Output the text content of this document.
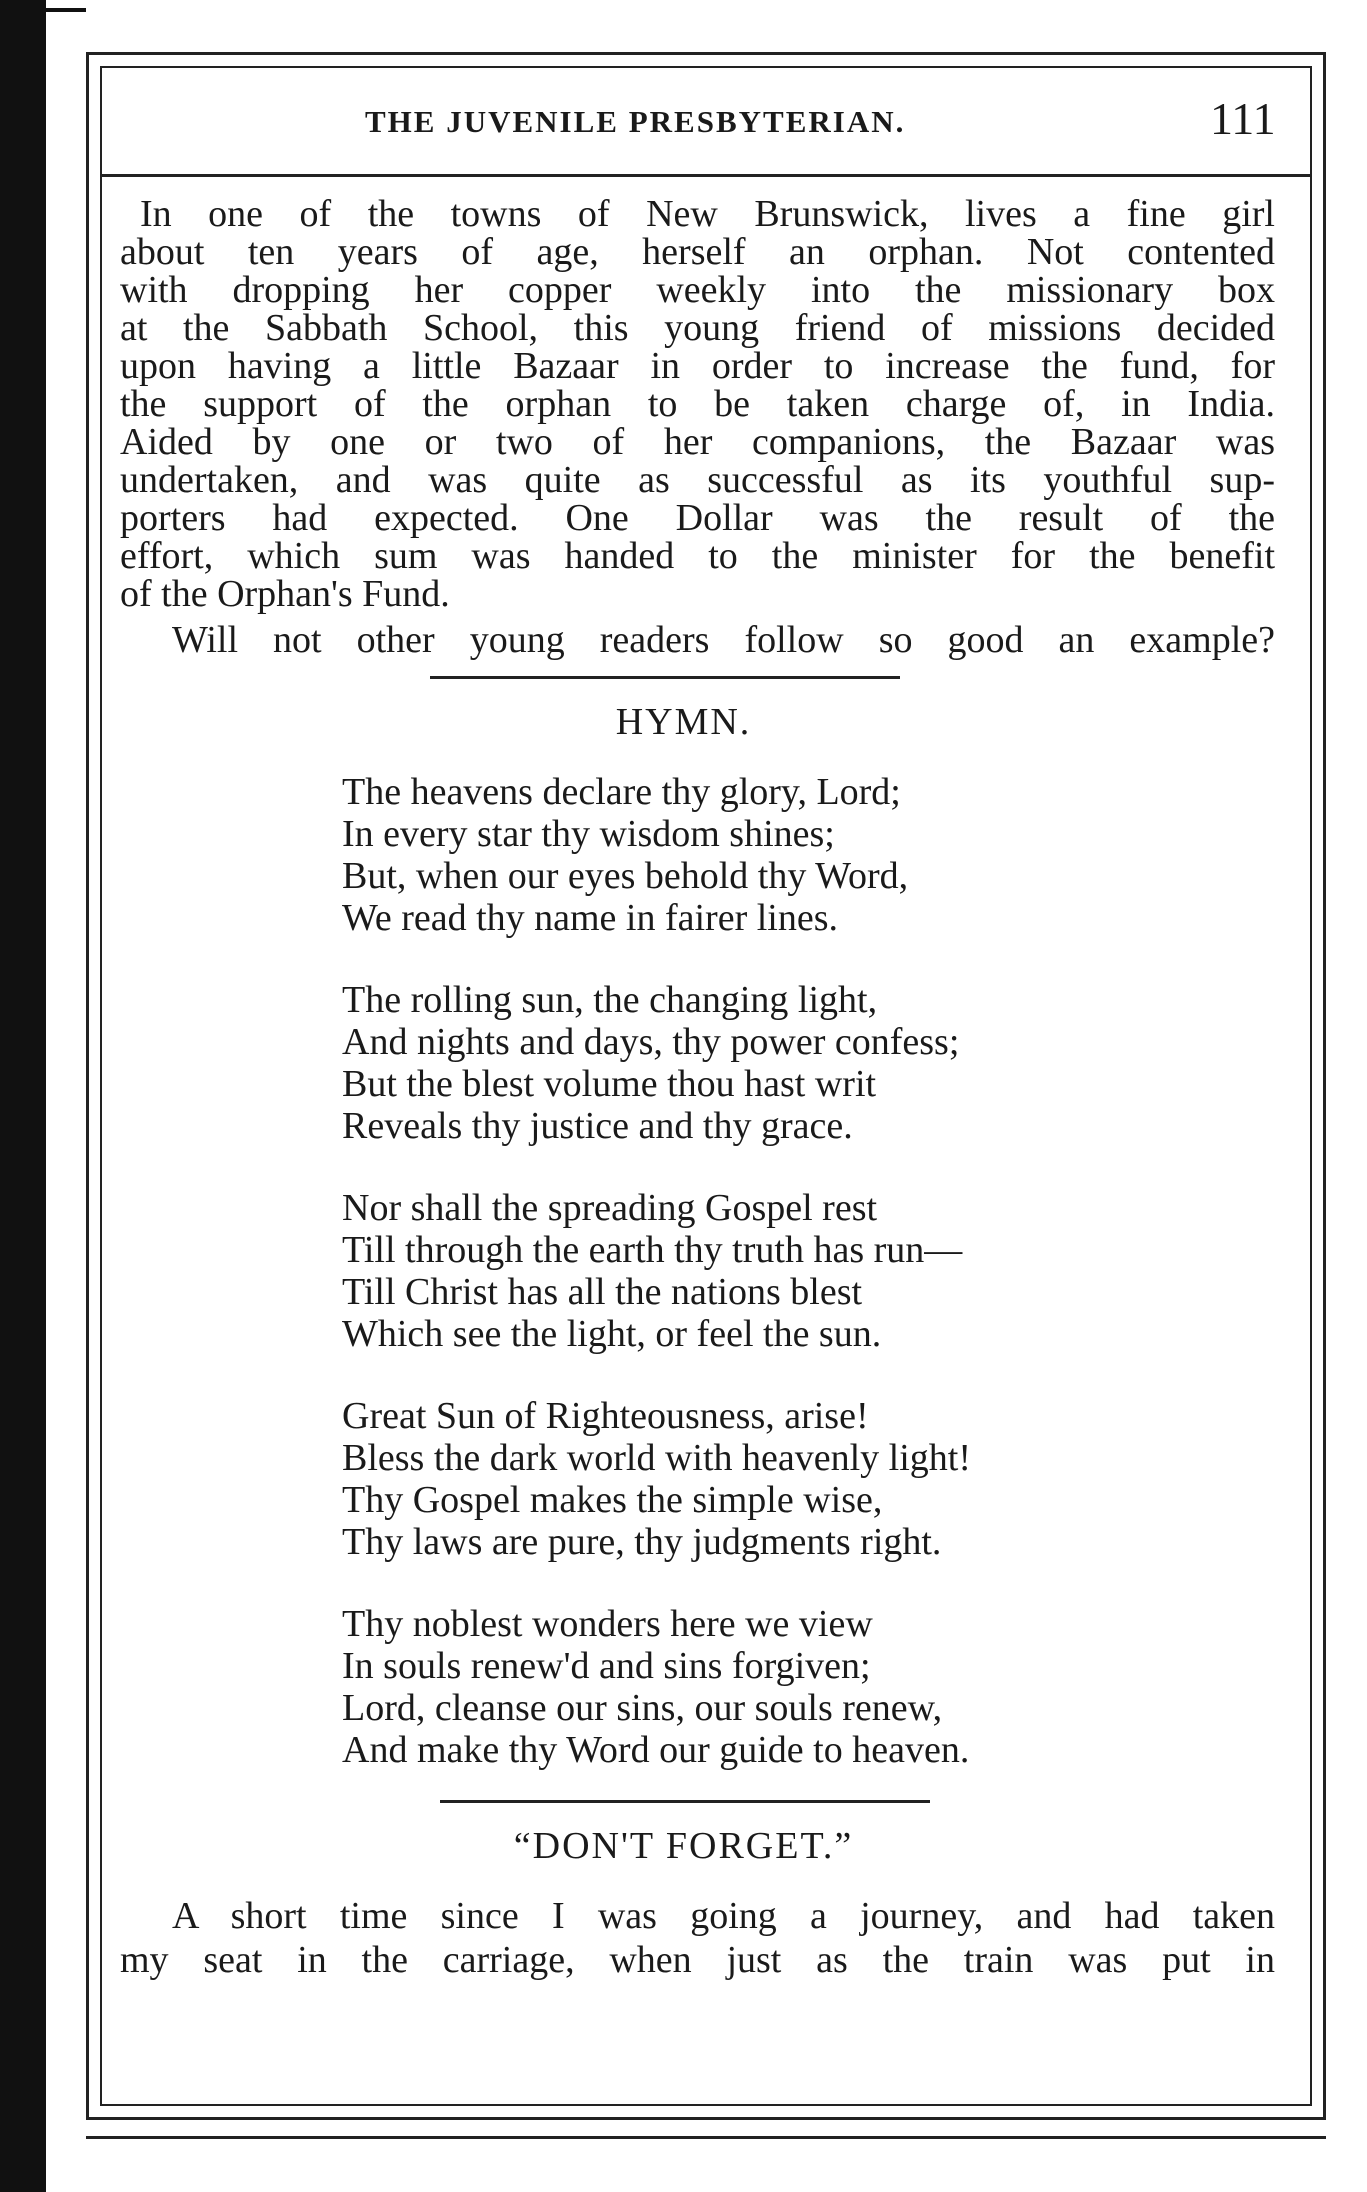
THE JUVENILE PRESBYTERIAN.	111
In one of the towns of New Brunswick, lives a fine girl
about ten years of age, herself an orphan. Not contented
with dropping her copper weekly into the missionary box
at the Sabbath School, this young friend of missions decided
upon having a little Bazaar in order to increase the fund, for
the support of the orphan to be taken charge of, in India.
Aided by one or two of her companions, the Bazaar was
undertaken, and was quite as successful as its youthful sup-
porters had expected. One Dollar was the result of the
effort, which sum was handed to the minister for the benefit
of the Orphan's Fund.
Will not other young readers follow so good an example?
HYMN.
The heavens declare thy glory, Lord;
In every star thy wisdom shines;
But, when our eyes behold thy Word,
We read thy name in fairer lines.
The rolling sun, the changing light,
And nights and days, thy power confess;
But the blest volume thou hast writ
Reveals thy justice and thy grace.
Nor shall the spreading Gospel rest
Till through the earth thy truth has run—
Till Christ has all the nations blest
Which see the light, or feel the sun.
Great Sun of Righteousness, arise!
Bless the dark world with heavenly light!
Thy Gospel makes the simple wise,
Thy laws are pure, thy judgments right.
Thy noblest wonders here we view
In souls renew'd and sins forgiven;
Lord, cleanse our sins, our souls renew,
And make thy Word our guide to heaven.
“DON'T FORGET.”
A short time since I was going a journey, and had taken
my seat in the carriage, when just as the train was put in
